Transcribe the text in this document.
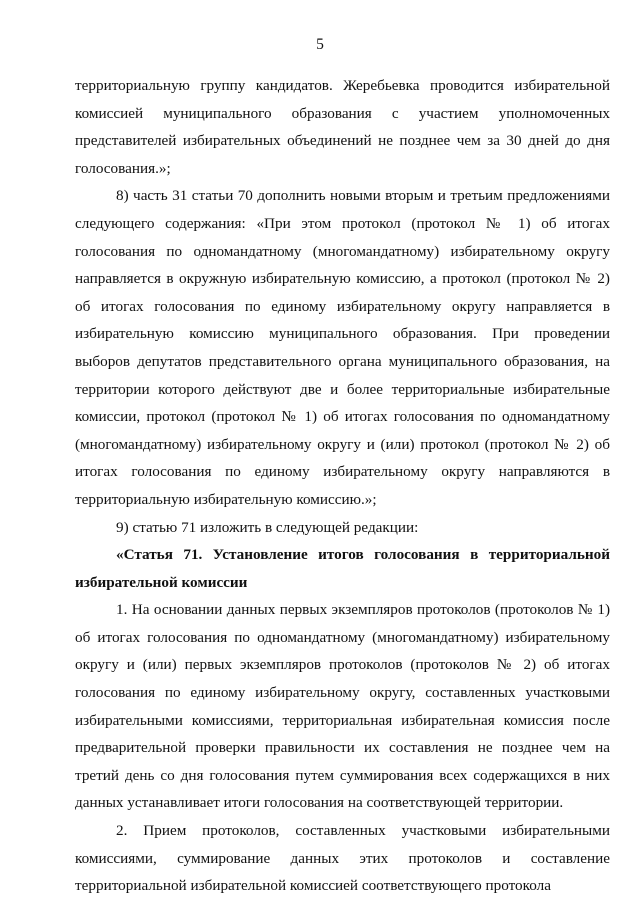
5

территориальную группу кандидатов. Жеребьевка проводится избирательной комиссией муниципального образования с участием уполномоченных представителей избирательных объединений не позднее чем за 30 дней до дня голосования.»;

8) часть 31 статьи 70 дополнить новыми вторым и третьим предложениями следующего содержания: «При этом протокол (протокол № 1) об итогах голосования по одномандатному (многомандатному) избирательному округу направляется в окружную избирательную комиссию, а протокол (протокол № 2) об итогах голосования по единому избирательному округу направляется в избирательную комиссию муниципального образования. При проведении выборов депутатов представительного органа муниципального образования, на территории которого действуют две и более территориальные избирательные комиссии, протокол (протокол № 1) об итогах голосования по одномандатному (многомандатному) избирательному округу и (или) протокол (протокол № 2) об итогах голосования по единому избирательному округу направляются в территориальную избирательную комиссию.»;

9) статью 71 изложить в следующей редакции:

«Статья 71. Установление итогов голосования в территориальной избирательной комиссии

1. На основании данных первых экземпляров протоколов (протоколов № 1) об итогах голосования по одномандатному (многомандатному) избирательному округу и (или) первых экземпляров протоколов (протоколов № 2) об итогах голосования по единому избирательному округу, составленных участковыми избирательными комиссиями, территориальная избирательная комиссия после предварительной проверки правильности их составления не позднее чем на третий день со дня голосования путем суммирования всех содержащихся в них данных устанавливает итоги голосования на соответствующей территории.

2. Прием протоколов, составленных участковыми избирательными комиссиями, суммирование данных этих протоколов и составление территориальной избирательной комиссией соответствующего протокола
